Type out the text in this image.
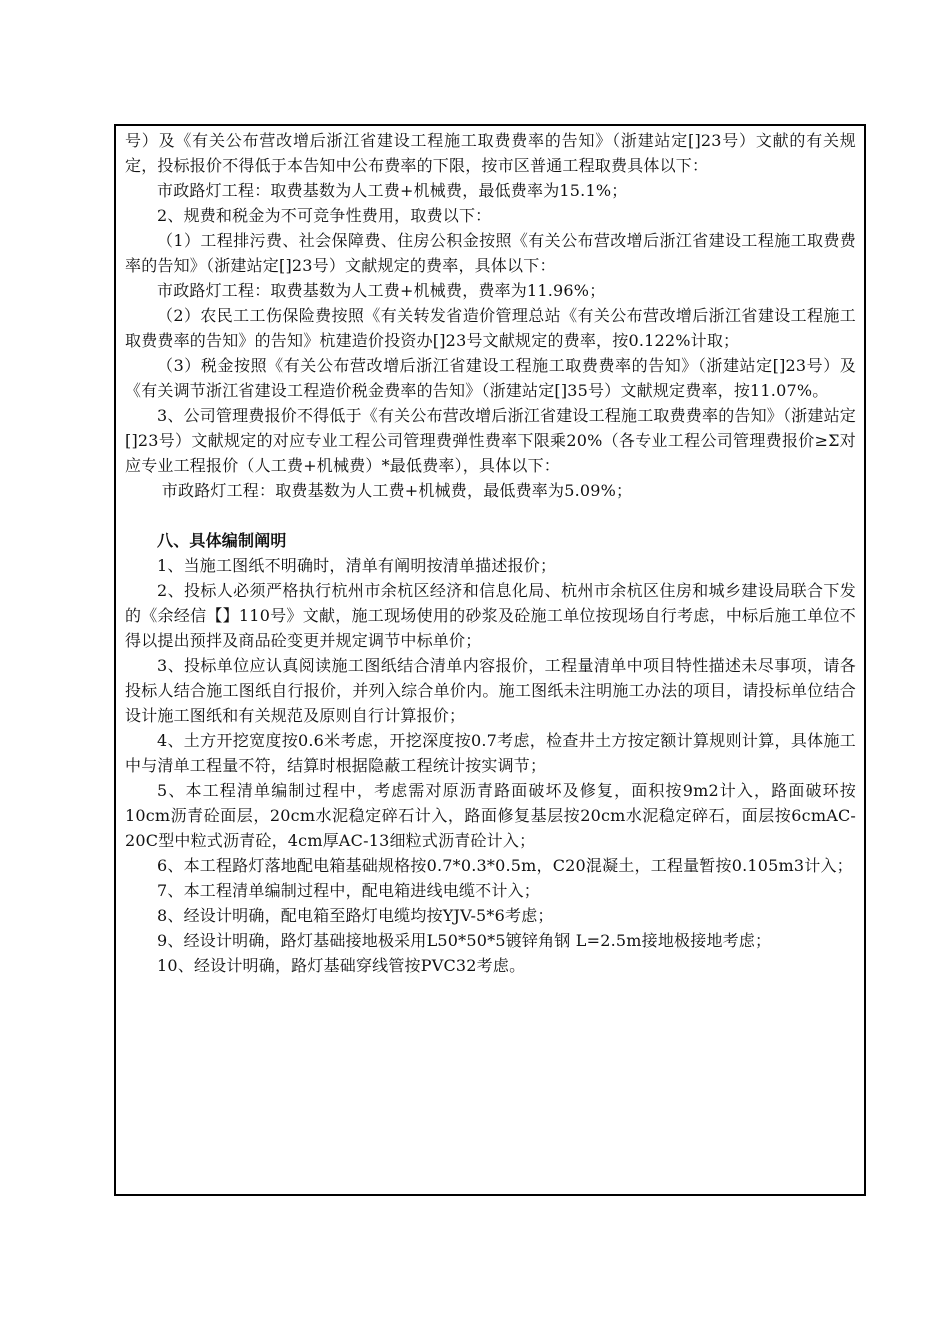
号）及《有关公布营改增后浙江省建设工程施工取费费率的告知》（浙建站定[]23号）文献的有关规定，投标报价不得低于本告知中公布费率的下限，按市区普通工程取费具体以下：

市政路灯工程：取费基数为人工费+机械费，最低费率为15.1%；

2、规费和税金为不可竞争性费用，取费以下：

（1）工程排污费、社会保障费、住房公积金按照《有关公布营改增后浙江省建设工程施工取费费率的告知》（浙建站定[]23号）文献规定的费率，具体以下：

市政路灯工程：取费基数为人工费+机械费，费率为11.96%；

（2）农民工工伤保险费按照《有关转发省造价管理总站《有关公布营改增后浙江省建设工程施工取费费率的告知》的告知》杭建造价投资办[]23号文献规定的费率，按0.122%计取；

（3）税金按照《有关公布营改增后浙江省建设工程施工取费费率的告知》（浙建站定[]23号）及《有关调节浙江省建设工程造价税金费率的告知》（浙建站定[]35号）文献规定费率，按11.07%。

3、公司管理费报价不得低于《有关公布营改增后浙江省建设工程施工取费费率的告知》（浙建站定[]23号）文献规定的对应专业工程公司管理费弹性费率下限乘20%（各专业工程公司管理费报价≥Σ对应专业工程报价（人工费+机械费）*最低费率），具体以下：

市政路灯工程：取费基数为人工费+机械费，最低费率为5.09%；

八、具体编制阐明

1、当施工图纸不明确时，清单有阐明按清单描述报价；

2、投标人必须严格执行杭州市余杭区经济和信息化局、杭州市余杭区住房和城乡建设局联合下发的《余经信【】110号》文献，施工现场使用的砂浆及砼施工单位按现场自行考虑，中标后施工单位不得以提出预拌及商品砼变更并规定调节中标单价；

3、投标单位应认真阅读施工图纸结合清单内容报价，工程量清单中项目特性描述未尽事项，请各投标人结合施工图纸自行报价，并列入综合单价内。施工图纸未注明施工办法的项目，请投标单位结合设计施工图纸和有关规范及原则自行计算报价；

4、土方开挖宽度按0.6米考虑，开挖深度按0.7考虑，检查井土方按定额计算规则计算，具体施工中与清单工程量不符，结算时根据隐蔽工程统计按实调节；

5、本工程清单编制过程中，考虑需对原沥青路面破坏及修复，面积按9m2计入，路面破环按10cm沥青砼面层，20cm水泥稳定碎石计入，路面修复基层按20cm水泥稳定碎石，面层按6cmAC-20C型中粒式沥青砼，4cm厚AC-13细粒式沥青砼计入；

6、本工程路灯落地配电箱基础规格按0.7*0.3*0.5m，C20混凝土，工程量暂按0.105m3计入；

7、本工程清单编制过程中，配电箱进线电缆不计入；

8、经设计明确，配电箱至路灯电缆均按YJV-5*6考虑；

9、经设计明确，路灯基础接地极采用L50*50*5镀锌角钢 L=2.5m接地极接地考虑；

10、经设计明确，路灯基础穿线管按PVC32考虑。
